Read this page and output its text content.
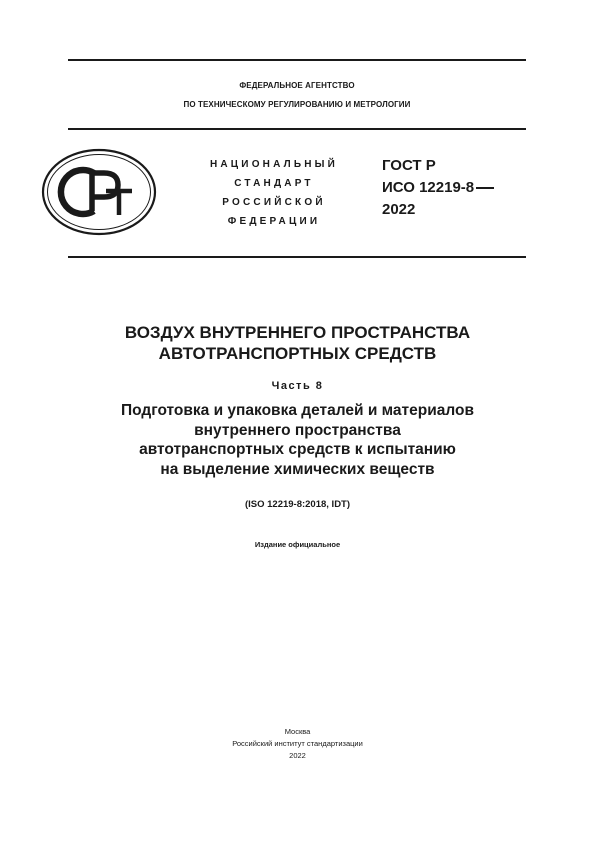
ФЕДЕРАЛЬНОЕ АГЕНТСТВО
ПО ТЕХНИЧЕСКОМУ РЕГУЛИРОВАНИЮ И МЕТРОЛОГИИ
НАЦИОНАЛЬНЫЙ
СТАНДАРТ
РОССИЙСКОЙ
ФЕДЕРАЦИИ
ГОСТ Р
ИСО 12219-8
2022
ВОЗДУХ ВНУТРЕННЕГО ПРОСТРАНСТВА
АВТОТРАНСПОРТНЫХ СРЕДСТВ
Часть 8
Подготовка и упаковка деталей и материалов
внутреннего пространства
автотранспортных средств к испытанию
на выделение химических веществ
(ISO 12219-8:2018, IDT)
Издание официальное
Москва
Российский институт стандартизации
2022
